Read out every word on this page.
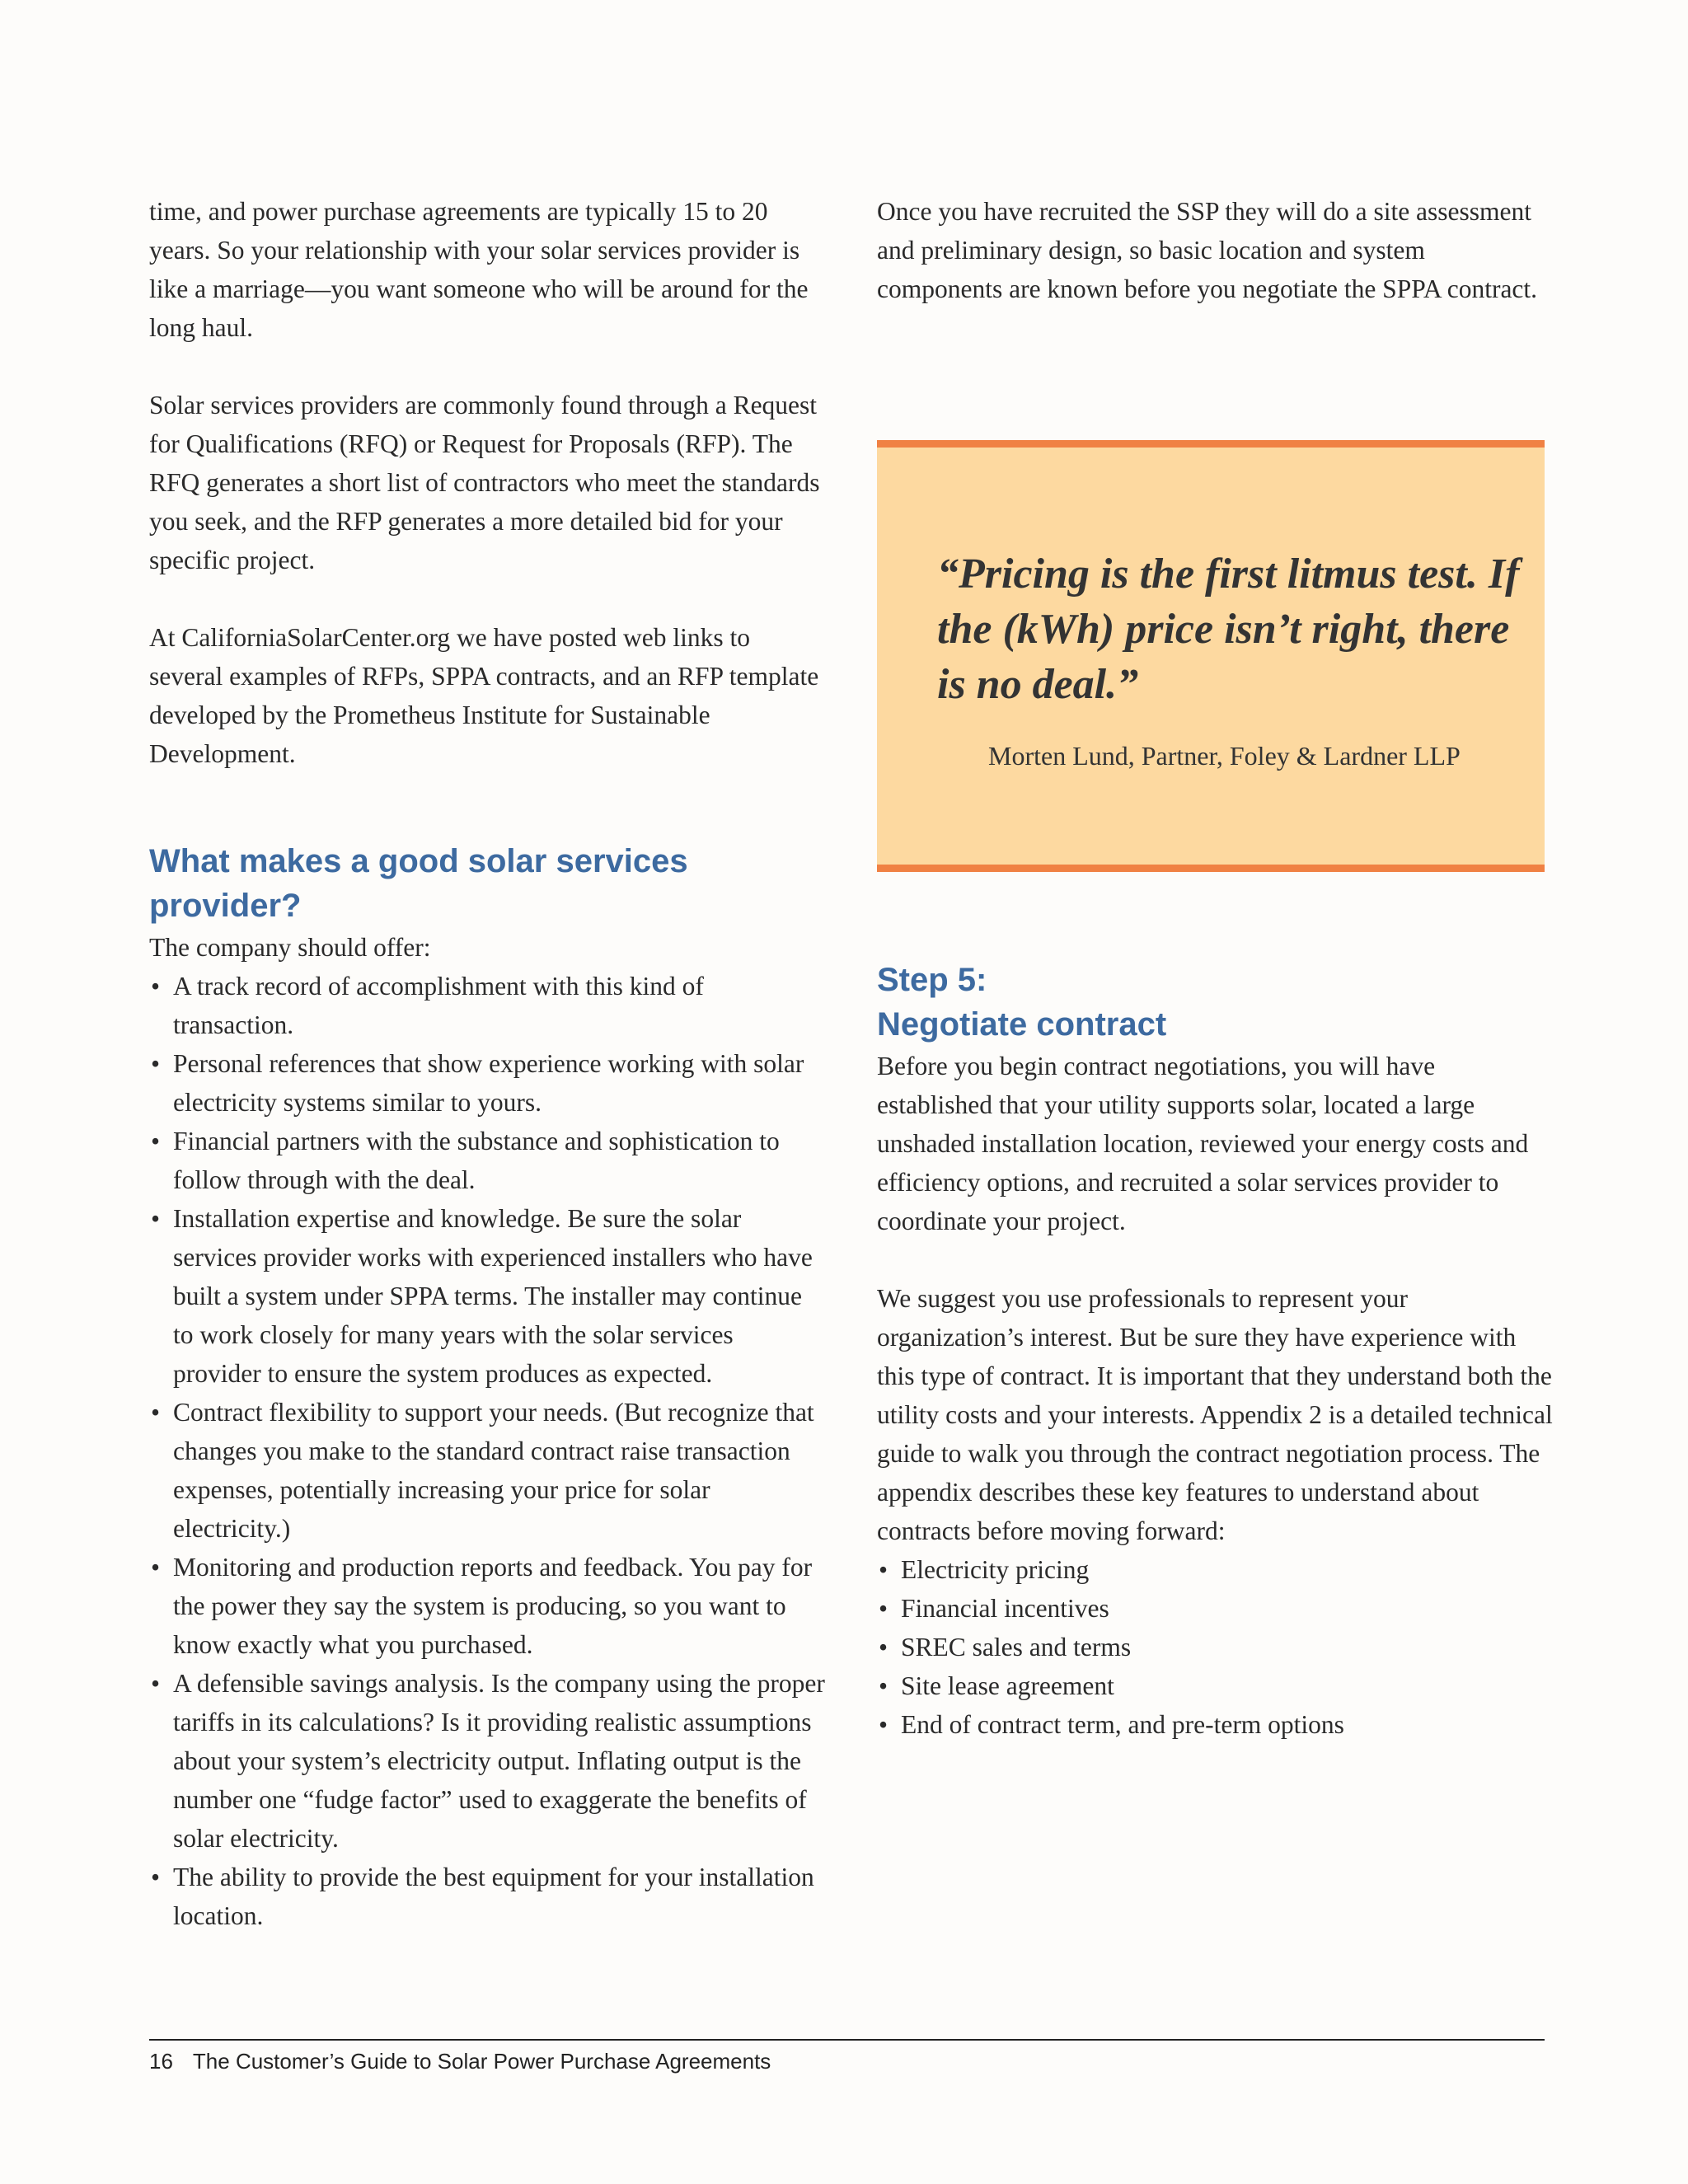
time, and power purchase agreements are typically 15 to 20 years. So your relationship with your solar services provider is like a marriage—you want someone who will be around for the long haul.

Solar services providers are commonly found through a Request for Qualifications (RFQ) or Request for Proposals (RFP). The RFQ generates a short list of contractors who meet the standards you seek, and the RFP generates a more detailed bid for your specific project.

At CaliforniaSolarCenter.org we have posted web links to several examples of RFPs, SPPA contracts, and an RFP template developed by the Prometheus Institute for Sustainable Development.

What makes a good solar services provider?

The company should offer:

• A track record of accomplishment with this kind of transaction.
• Personal references that show experience working with solar electricity systems similar to yours.
• Financial partners with the substance and sophistication to follow through with the deal.
• Installation expertise and knowledge. Be sure the solar services provider works with experienced installers who have built a system under SPPA terms. The installer may continue to work closely for many years with the solar services provider to ensure the system produces as expected.
• Contract flexibility to support your needs. (But recognize that changes you make to the standard contract raise transaction expenses, potentially increasing your price for solar electricity.)
• Monitoring and production reports and feedback. You pay for the power they say the system is producing, so you want to know exactly what you purchased.
• A defensible savings analysis. Is the company using the proper tariffs in its calculations? Is it providing realistic assumptions about your system’s electricity output. Inflating output is the number one “fudge factor” used to exaggerate the benefits of solar electricity.
• The ability to provide the best equipment for your installation location.

Once you have recruited the SSP they will do a site assessment and preliminary design, so basic location and system components are known before you negotiate the SPPA contract.

“Pricing is the first litmus test. If the (kWh) price isn’t right, there is no deal.”
Morten Lund, Partner, Foley & Lardner LLP
Step 5:
Negotiate contract

Before you begin contract negotiations, you will have established that your utility supports solar, located a large unshaded installation location, reviewed your energy costs and efficiency options, and recruited a solar services provider to coordinate your project.

We suggest you use professionals to represent your organization’s interest. But be sure they have experience with this type of contract. It is important that they understand both the utility costs and your interests. Appendix 2 is a detailed technical guide to walk you through the contract negotiation process. The appendix describes these key features to understand about contracts before moving forward:

• Electricity pricing
• Financial incentives
• SREC sales and terms
• Site lease agreement
• End of contract term, and pre-term options
16 The Customer’s Guide to Solar Power Purchase Agreements
